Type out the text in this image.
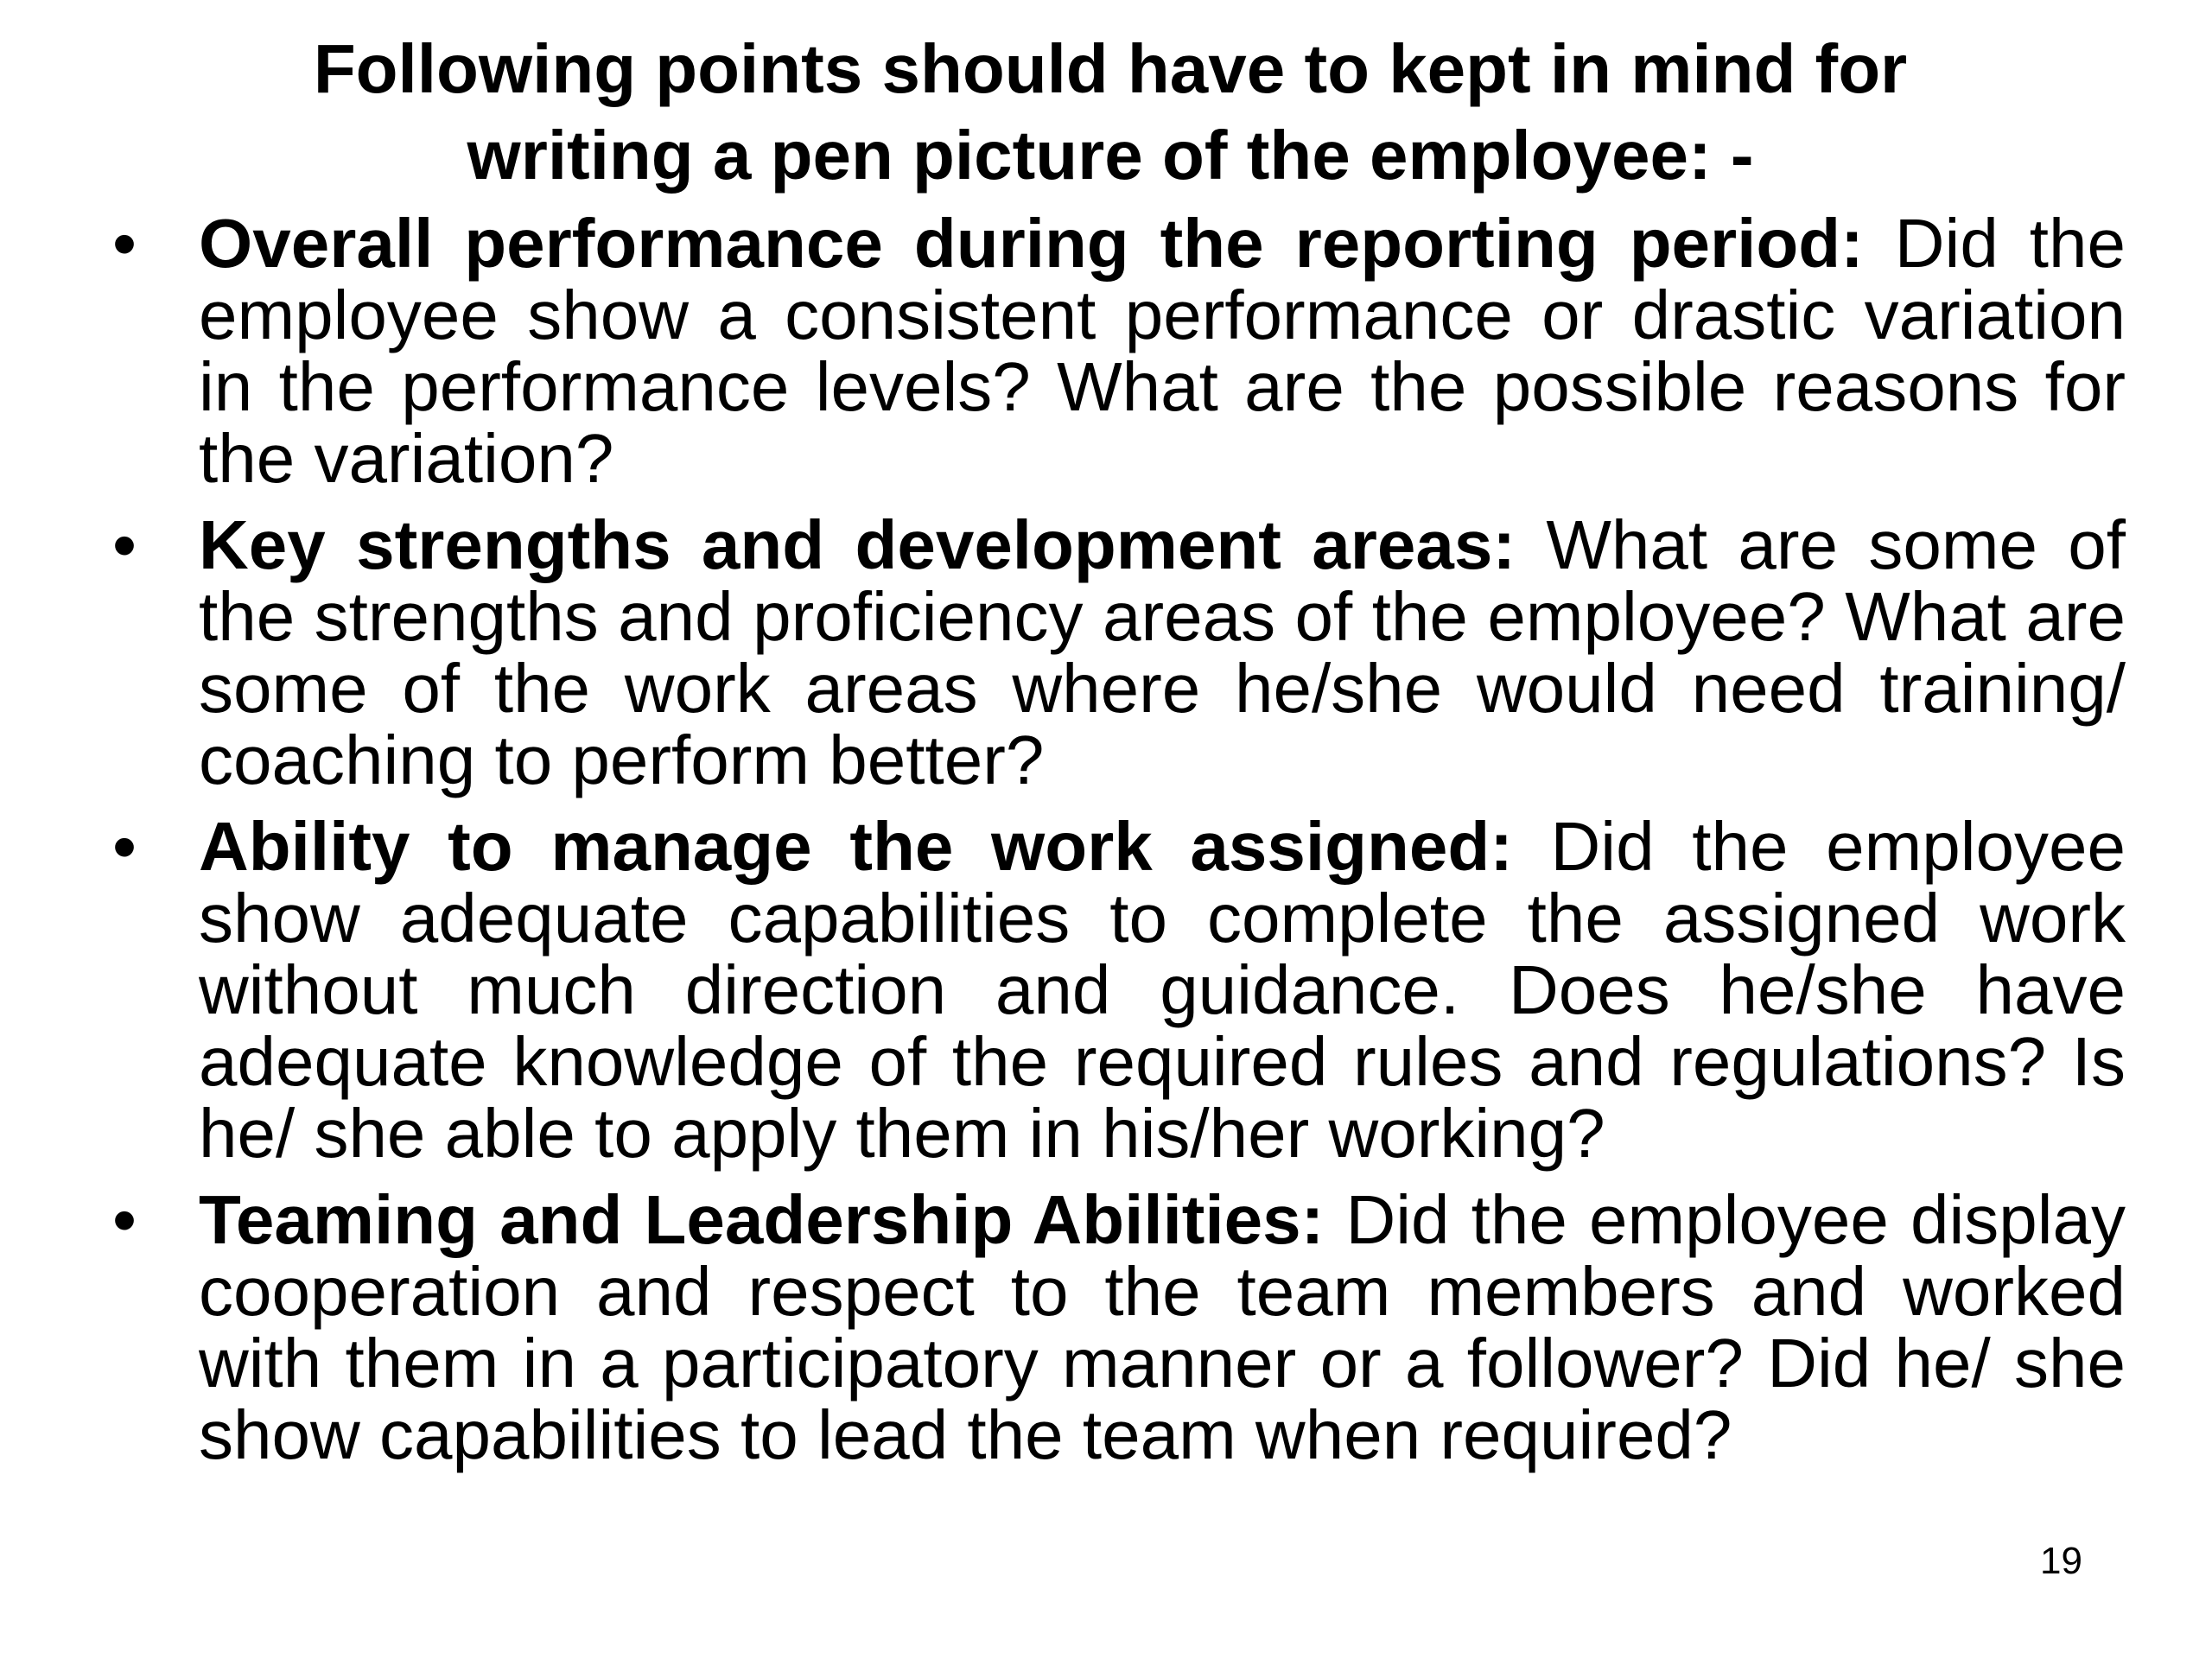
Following points should have to kept in mind for
writing a pen picture of the employee: -
• Overall performance during the reporting period: Did the employee show a consistent performance or drastic variation in the performance levels? What are the possible reasons for the variation?
• Key strengths and development areas: What are some of the strengths and proficiency areas of the employee? What are some of the work areas where he/she would need training/ coaching to perform better?
• Ability to manage the work assigned: Did the employee show adequate capabilities to complete the assigned work without much direction and guidance. Does he/she have adequate knowledge of the required rules and regulations? Is he/ she able to apply them in his/her working?
• Teaming and Leadership Abilities: Did the employee display cooperation and respect to the team members and worked with them in a participatory manner or a follower? Did he/ she show capabilities to lead the team when required?
19
